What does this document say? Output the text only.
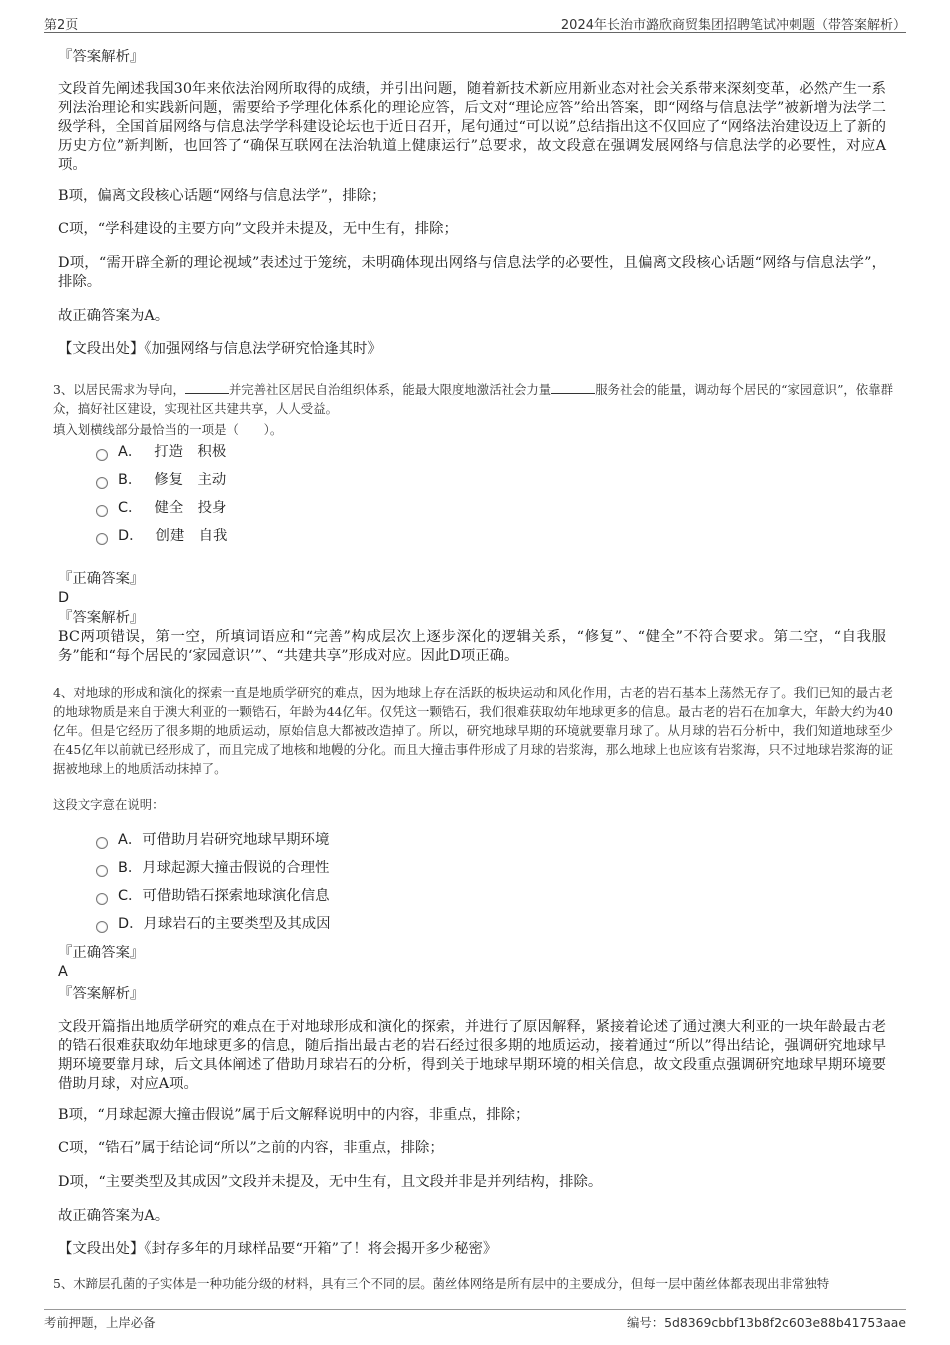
第2页	2024年长治市潞欣商贸集团招聘笔试冲刺题（带答案解析）
『答案解析』
文段首先阐述我国30年来依法治网所取得的成绩，并引出问题，随着新技术新应用新业态对社会关系带来深刻变革，必然产生一系列法治理论和实践新问题，需要给予学理化体系化的理论应答，后文对“理论应答”给出答案，即“网络与信息法学”被新增为法学二级学科，全国首届网络与信息法学学科建设论坛也于近日召开，尾句通过“可以说”总结指出这不仅回应了“网络法治建设迈上了新的历史方位”新判断，也回答了“确保互联网在法治轨道上健康运行”总要求，故文段意在强调发展网络与信息法学的必要性，对应A项。
B项，偏离文段核心话题“网络与信息法学”，排除；
C项，“学科建设的主要方向”文段并未提及，无中生有，排除；
D项，“需开辟全新的理论视域”表述过于笼统，未明确体现出网络与信息法学的必要性，且偏离文段核心话题“网络与信息法学”，排除。
故正确答案为A。
【文段出处】《加强网络与信息法学研究恰逢其时》
3、以居民需求为导向，	并完善社区居民自治组织体系，能最大限度地激活社会力量	服务社会的能量，调动每个居民的“家园意识”，依靠群众，搞好社区建设，实现社区共建共享，人人受益。
填入划横线部分最恰当的一项是（　　）。
A． 打造　积极
B． 修复　主动
C． 健全　投身
D． 创建　自我
『正确答案』
D
『答案解析』
BC两项错误，第一空，所填词语应和“完善”构成层次上逐步深化的逻辑关系，“修复”、“健全”不符合要求。第二空，“自我服务”能和“每个居民的‘家园意识’”、“共建共享”形成对应。因此D项正确。
4、对地球的形成和演化的探索一直是地质学研究的难点，因为地球上存在活跃的板块运动和风化作用，古老的岩石基本上荡然无存了。我们已知的最古老的地球物质是来自于澳大利亚的一颗锆石，年龄为44亿年。仅凭这一颗锆石，我们很难获取幼年地球更多的信息。最古老的岩石在加拿大，年龄大约为40亿年。但是它经历了很多期的地质运动，原始信息大都被改造掉了。所以，研究地球早期的环境就要靠月球了。从月球的岩石分析中，我们知道地球至少在45亿年以前就已经形成了，而且完成了地核和地幔的分化。而且大撞击事件形成了月球的岩浆海，那么地球上也应该有岩浆海，只不过地球岩浆海的证据被地球上的地质活动抹掉了。
这段文字意在说明：
A． 可借助月岩研究地球早期环境
B． 月球起源大撞击假说的合理性
C． 可借助锆石探索地球演化信息
D． 月球岩石的主要类型及其成因
『正确答案』
A
『答案解析』
文段开篇指出地质学研究的难点在于对地球形成和演化的探索，并进行了原因解释，紧接着论述了通过澳大利亚的一块年龄最古老的锆石很难获取幼年地球更多的信息，随后指出最古老的岩石经过很多期的地质运动，接着通过“所以”得出结论，强调研究地球早期环境要靠月球，后文具体阐述了借助月球岩石的分析，得到关于地球早期环境的相关信息，故文段重点强调研究地球早期环境要借助月球，对应A项。
B项，“月球起源大撞击假说”属于后文解释说明中的内容，非重点，排除；
C项，“锆石”属于结论词“所以”之前的内容，非重点，排除；
D项，“主要类型及其成因”文段并未提及，无中生有，且文段并非是并列结构，排除。
故正确答案为A。
【文段出处】《封存多年的月球样品要“开箱”了！将会揭开多少秘密》
5、木蹄层孔菌的子实体是一种功能分级的材料，具有三个不同的层。菌丝体网络是所有层中的主要成分，但每一层中菌丝体都表现出非常独特
考前押题，上岸必备	编号：5d8369cbbf13b8f2c603e88b41753aae
